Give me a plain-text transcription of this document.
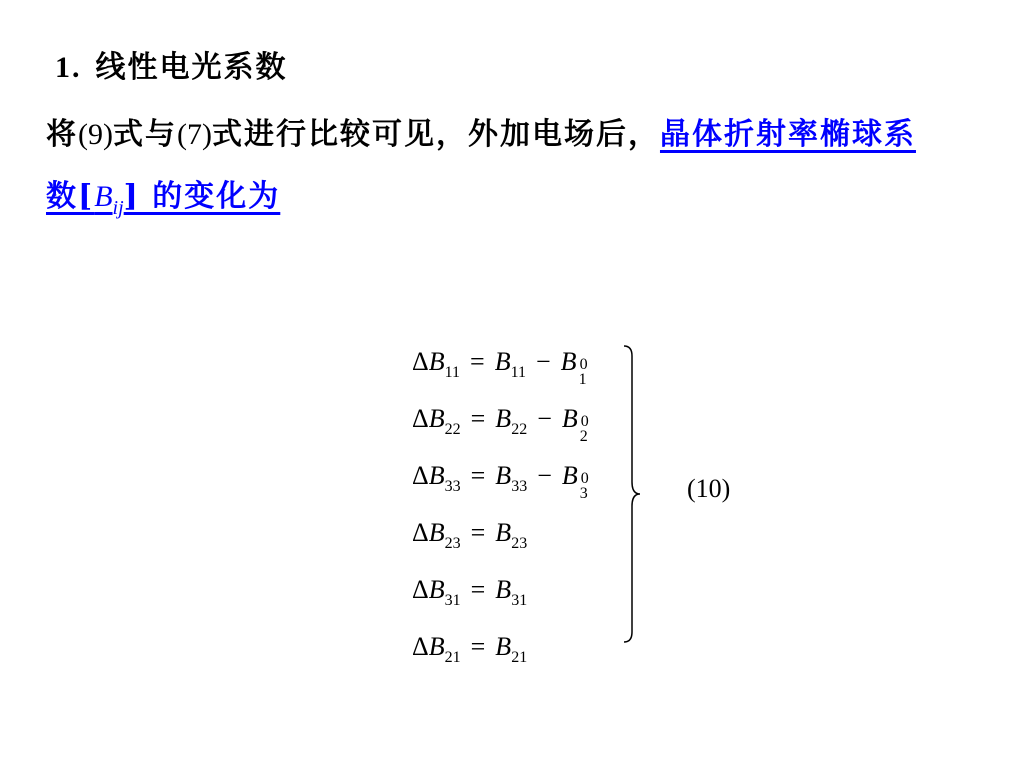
1. 线性电光系数
将(9)式与(7)式进行比较可见，外加电场后，晶体折射率椭球系数$[B_{ij}]$ 的变化为
$\Delta B_{11} = B_{11} - B$ 0
1
$\Delta B_{22} = B_{22} - B$ 0
2
$\Delta B_{33} = B_{33} - B$ 0
3
$\Delta B_{23} = B_{23}$
$\Delta B_{31} = B_{31}$
$\Delta B_{21} = B_{21}$
(10)
